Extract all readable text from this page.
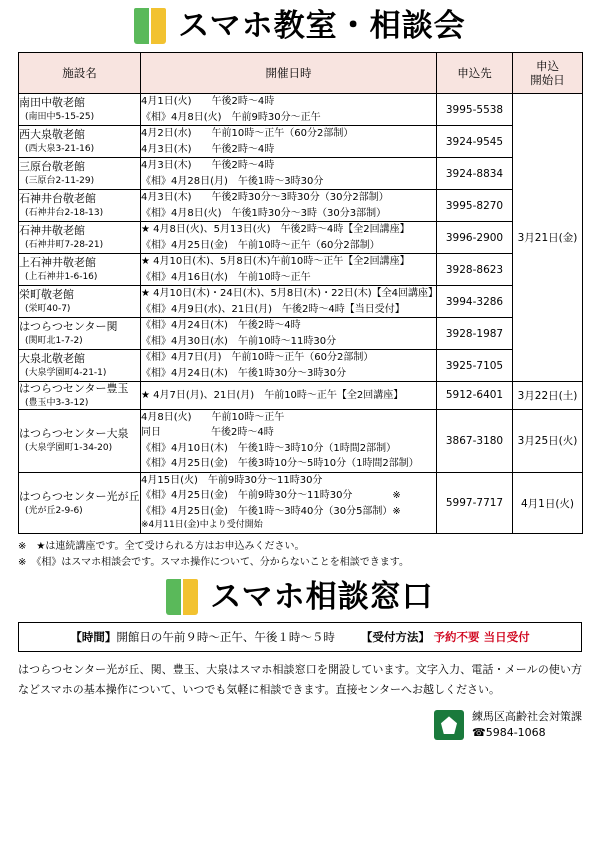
スマホ教室・相談会
施設名	開催日時	申込先	申込
開始日

南田中敬老館
(南田中5-15-25)

4月1日(火)　　午後2時～4時
《相》4月8日(火)　午前9時30分～正午
	3995-5538	3月21日(金)

西大泉敬老館
(西大泉3-21-16)

4月2日(水)　　午前10時～正午（60分2部制）
4月3日(木)　　午後2時～4時
	3924-9545

三原台敬老館
(三原台2-11-29)

4月3日(木)　　午後2時～4時
《相》4月28日(月)　午後1時～3時30分
	3924-8834

石神井台敬老館
(石神井台2-18-13)

4月3日(木)　　午後2時30分～3時30分（30分2部制）
《相》4月8日(火)　午後1時30分～3時（30分3部制）
	3995-8270

石神井敬老館
(石神井町7-28-21)

★ 4月8日(火)、5月13日(火)　午後2時～4時【全2回講座】
《相》4月25日(金)　午前10時～正午（60分2部制）
	3996-2900

上石神井敬老館
(上石神井1-6-16)

★ 4月10日(木)、5月8日(木)午前10時～正午【全2回講座】
《相》4月16日(水)　午前10時～正午
	3928-8623

栄町敬老館
(栄町40-7)

★ 4月10日(木)・24日(木)、5月8日(木)・22日(木)【全4回講座】
《相》4月9日(水)、21日(月)　午後2時～4時【当日受付】
	3994-3286

はつらつセンター関
(関町北1-7-2)

《相》4月24日(木)　午後2時～4時
《相》4月30日(水)　午前10時～11時30分
	3928-1987

大泉北敬老館
(大泉学園町4-21-1)

《相》4月7日(月)　午前10時～正午（60分2部制）
《相》4月24日(木)　午後1時30分～3時30分
	3925-7105

はつらつセンター豊玉
(豊玉中3-3-12)	★ 4月7日(月)、21日(月)　午前10時～正午【全2回講座】	5912-6401	3月22日(土)

はつらつセンター大泉
(大泉学園町1-34-20)

4月8日(火)　　午前10時～正午
同日　　　　　午後2時～4時
《相》4月10日(木)　午後1時～3時10分（1時間2部制）
《相》4月25日(金)　午後3時10分～5時10分（1時間2部制）
	3867-3180	3月25日(火)

はつらつセンター光が丘
(光が丘2-9-6)

4月15日(火)　午前9時30分～11時30分
《相》4月25日(金)　午前9時30分～11時30分　　　　※
《相》4月25日(金)　午後1時～3時40分（30分5部制）※
※4月11日(金)中より受付開始
	5997-7717	4月1日(火)
※　★は連続講座です。全て受けられる方はお申込みください。
※　《相》はスマホ相談会です。スマホ操作について、分からないことを相談できます。
スマホ相談窓口
【時間】開館日の午前９時～正午、午後１時～５時 【受付方法】 予約不要 当日受付
はつらつセンター光が丘、関、豊玉、大泉はスマホ相談窓口を開設しています。文字入力、電話・メールの使い方などスマホの基本操作について、いつでも気軽に相談できます。直接センターへお越しください。
練馬区高齢社会対策課
☎5984-1068
